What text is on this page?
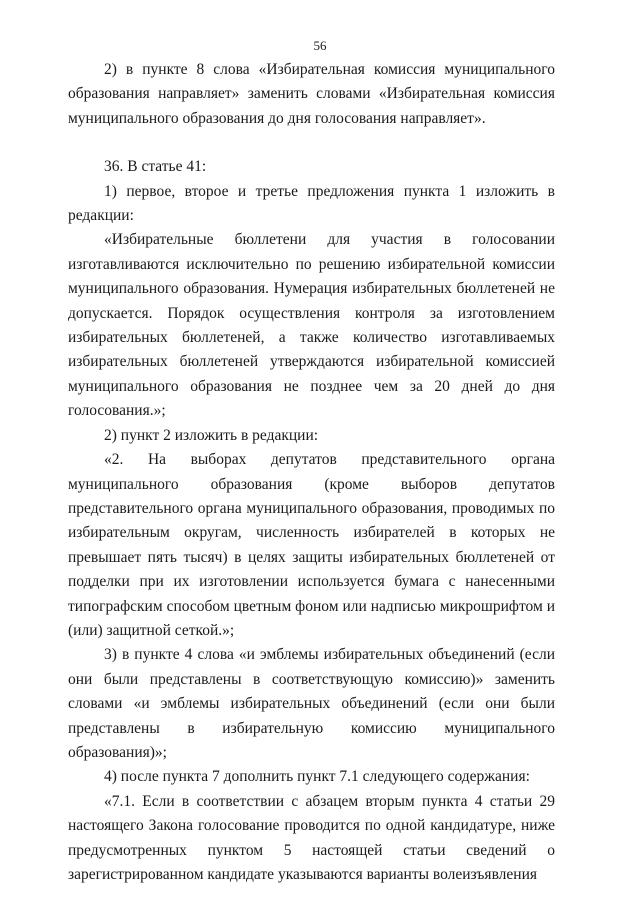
56

2) в пункте 8 слова «Избирательная комиссия муниципального образования направляет» заменить словами «Избирательная комиссия муниципального образования до дня голосования направляет».

36. В статье 41:

1) первое, второе и третье предложения пункта 1 изложить в редакции:

«Избирательные бюллетени для участия в голосовании изготавливаются исключительно по решению избирательной комиссии муниципального образования. Нумерация избирательных бюллетеней не допускается. Порядок осуществления контроля за изготовлением избирательных бюллетеней, а также количество изготавливаемых избирательных бюллетеней утверждаются избирательной комиссией муниципального образования не позднее чем за 20 дней до дня голосования.»;

2) пункт 2 изложить в редакции:

«2. На выборах депутатов представительного органа муниципального образования (кроме выборов депутатов представительного органа муниципального образования, проводимых по избирательным округам, численность избирателей в которых не превышает пять тысяч) в целях защиты избирательных бюллетеней от подделки при их изготовлении используется бумага с нанесенными типографским способом цветным фоном или надписью микрошрифтом и (или) защитной сеткой.»;

3) в пункте 4 слова «и эмблемы избирательных объединений (если они были представлены в соответствующую комиссию)» заменить словами «и эмблемы избирательных объединений (если они были представлены в избирательную комиссию муниципального образования)»;

4) после пункта 7 дополнить пункт 7.1 следующего содержания:

«7.1. Если в соответствии с абзацем вторым пункта 4 статьи 29 настоящего Закона голосование проводится по одной кандидатуре, ниже предусмотренных пунктом 5 настоящей статьи сведений о зарегистрированном кандидате указываются варианты волеизъявления
